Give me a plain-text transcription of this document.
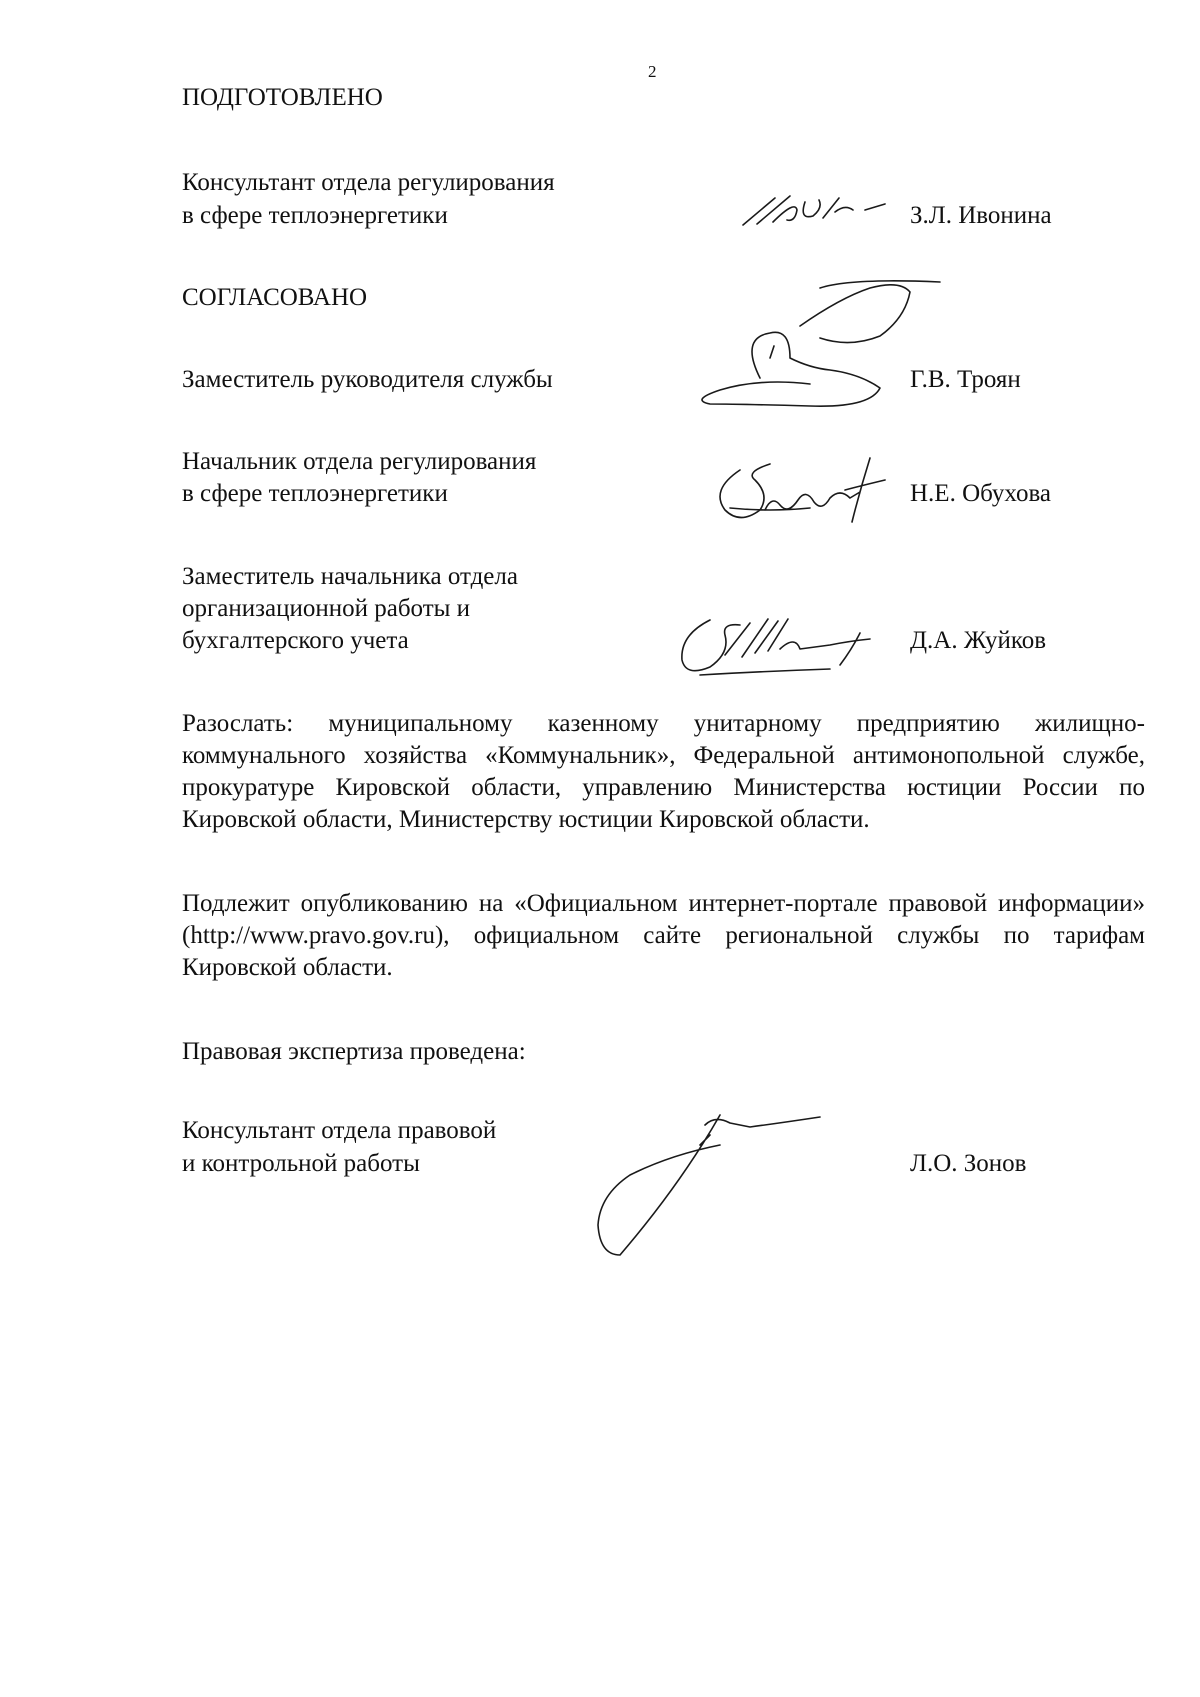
2
ПОДГОТОВЛЕНО
Консультант отдела регулирования
в сфере теплоэнергетики	З.Л. Ивонина
СОГЛАСОВАНО
Заместитель руководителя службы	Г.В. Троян
Начальник отдела регулирования
в сфере теплоэнергетики	Н.Е. Обухова
Заместитель начальника отдела
организационной работы и
бухгалтерского учета	Д.А. Жуйков
Разослать: муниципальному казенному унитарному предприятию жилищно-коммунального хозяйства «Коммунальник», Федеральной антимонопольной службе, прокуратуре Кировской области, управлению Министерства юстиции России по Кировской области, Министерству юстиции Кировской области.
Подлежит опубликованию на «Официальном интернет-портале правовой информации» (http://www.pravo.gov.ru), официальном сайте региональной службы по тарифам Кировской области.
Правовая экспертиза проведена:
Консультант отдела правовой
и контрольной работы	Л.О. Зонов
